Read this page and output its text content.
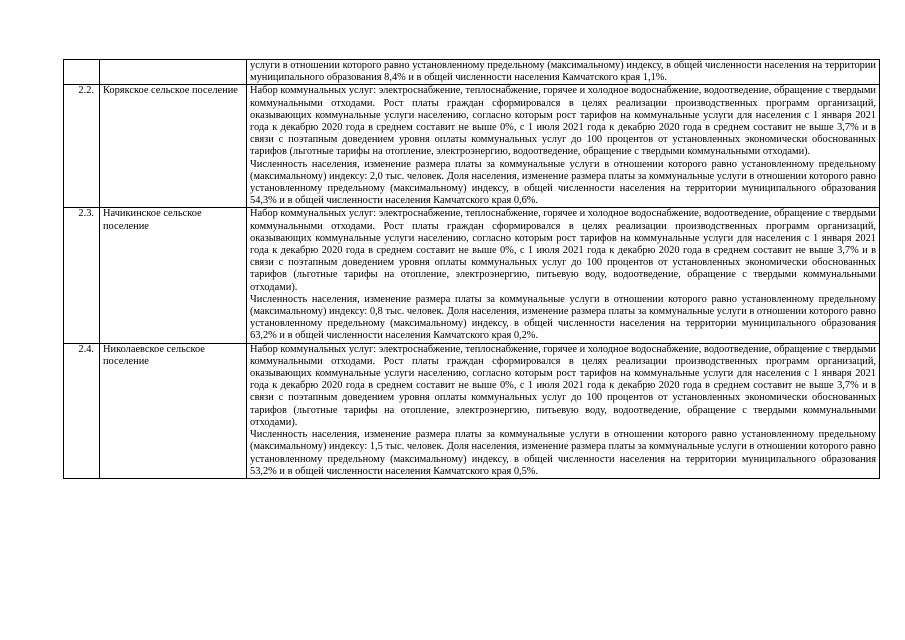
		услуги в отношении которого равно установленному предельному (максимальному) индексу, в общей численности населения на территории муниципального образования 8,4% и в общей численности населения Камчатского края 1,1%.

2.2.	Корякское сельское поселение	Набор коммунальных услуг: электроснабжение, теплоснабжение, горячее и холодное водоснабжение, водоотведение, обращение с твердыми коммунальными отходами. Рост платы граждан сформировался в целях реализации производственных программ организаций, оказывающих коммунальные услуги населению, согласно которым рост тарифов на коммунальные услуги для населения с 1 января 2021 года к декабрю 2020 года в среднем составит не выше 0%, с 1 июля 2021 года к декабрю 2020 года в среднем составит не выше 3,7% и в связи с поэтапным доведением уровня оплаты коммунальных услуг до 100 процентов от установленных экономически обоснованных тарифов (льготные тарифы на отопление, электроэнергию, водоотведение, обращение с твердыми коммунальными отходами).

Численность населения, изменение размера платы за коммунальные услуги в отношении которого равно установленному предельному (максимальному) индексу: 2,0 тыс. человек. Доля населения, изменение размера платы за коммунальные услуги в отношении которого равно установленному предельному (максимальному) индексу, в общей численности населения на территории муниципального образования 54,3% и в общей численности населения Камчатского края 0,6%.

2.3.	Начикинское сельское поселение	Набор коммунальных услуг: электроснабжение, теплоснабжение, горячее и холодное водоснабжение, водоотведение, обращение с твердыми коммунальными отходами. Рост платы граждан сформировался в целях реализации производственных программ организаций, оказывающих коммунальные услуги населению, согласно которым рост тарифов на коммунальные услуги для населения с 1 января 2021 года к декабрю 2020 года в среднем составит не выше 0%, с 1 июля 2021 года к декабрю 2020 года в среднем составит не выше 3,7% и в связи с поэтапным доведением уровня оплаты коммунальных услуг до 100 процентов от установленных экономически обоснованных тарифов (льготные тарифы на отопление, электроэнергию, питьевую воду, водоотведение, обращение с твердыми коммунальными отходами).

Численность населения, изменение размера платы за коммунальные услуги в отношении которого равно установленному предельному (максимальному) индексу: 0,8 тыс. человек. Доля населения, изменение размера платы за коммунальные услуги в отношении которого равно установленному предельному (максимальному) индексу, в общей численности населения на территории муниципального образования 63,2% и в общей численности населения Камчатского края 0,2%.

2.4.	Николаевское сельское поселение	Набор коммунальных услуг: электроснабжение, теплоснабжение, горячее и холодное водоснабжение, водоотведение, обращение с твердыми коммунальными отходами. Рост платы граждан сформировался в целях реализации производственных программ организаций, оказывающих коммунальные услуги населению, согласно которым рост тарифов на коммунальные услуги для населения с 1 января 2021 года к декабрю 2020 года в среднем составит не выше 0%, с 1 июля 2021 года к декабрю 2020 года в среднем составит не выше 3,7% и в связи с поэтапным доведением уровня оплаты коммунальных услуг до 100 процентов от установленных экономически обоснованных тарифов (льготные тарифы на отопление, электроэнергию, питьевую воду, водоотведение, обращение с твердыми коммунальными отходами).

Численность населения, изменение размера платы за коммунальные услуги в отношении которого равно установленному предельному (максимальному) индексу: 1,5 тыс. человек. Доля населения, изменение размера платы за коммунальные услуги в отношении которого равно установленному предельному (максимальному) индексу, в общей численности населения на территории муниципального образования 53,2% и в общей численности населения Камчатского края 0,5%.
